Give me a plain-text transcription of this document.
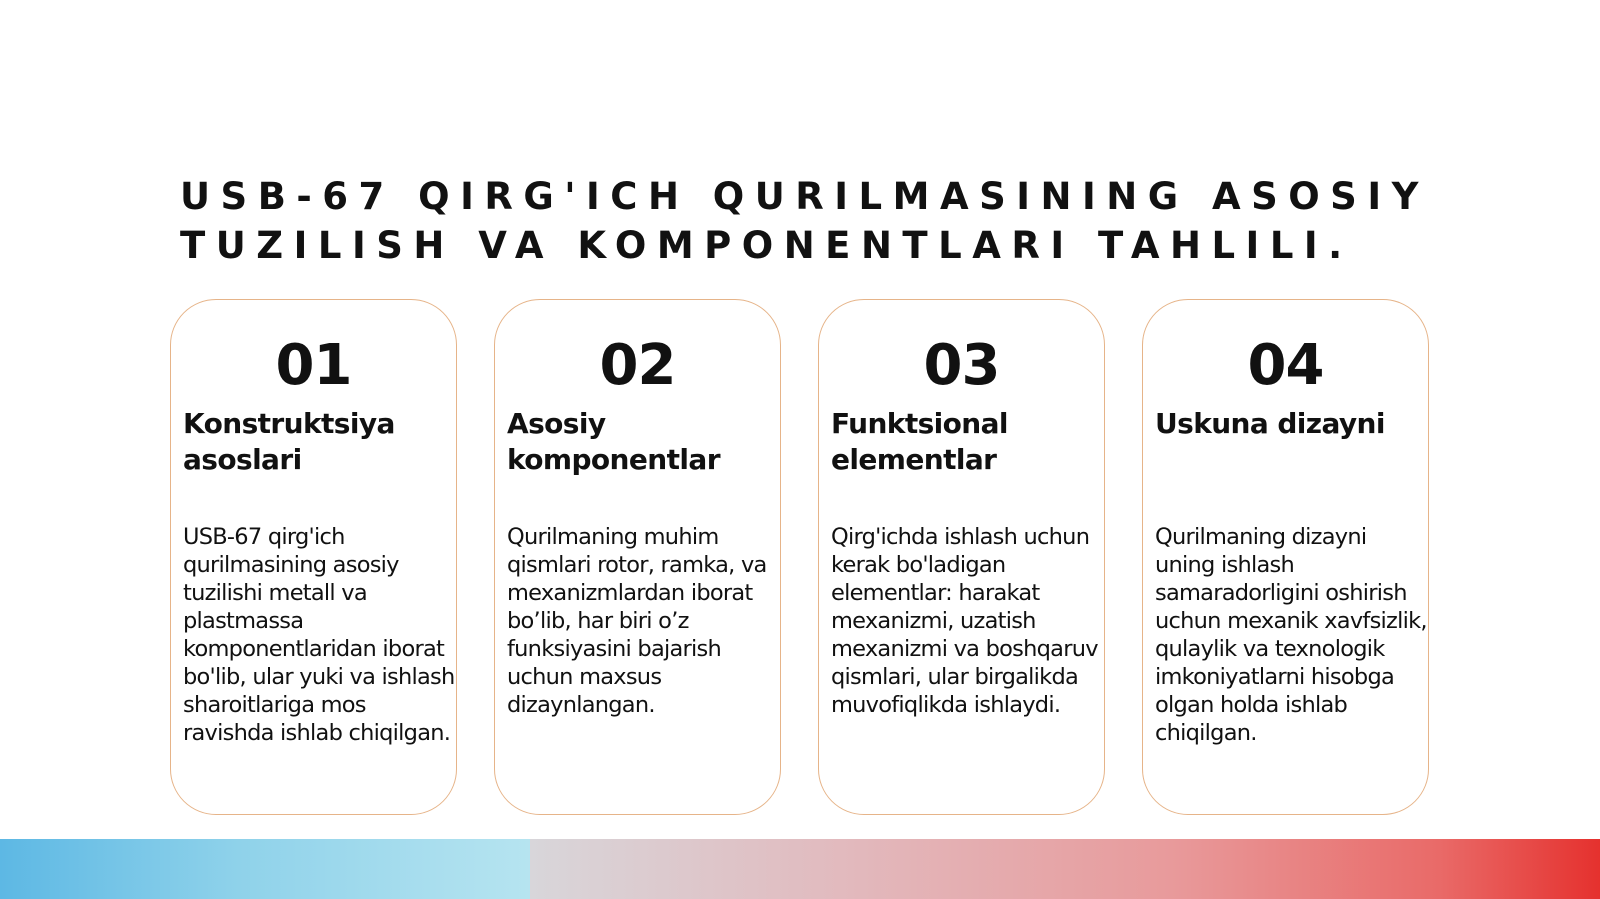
USB-67 QIRG'ICH QURILMASINING ASOSIY TUZILISH VA KOMPONENTLARI TAHLILI.
01
Konstruktsiya asoslari

USB-67 qirg'ich qurilmasining asosiy tuzilishi metall va plastmassa komponentlaridan iborat bo'lib, ular yuki va ishlash sharoitlariga mos ravishda ishlab chiqilgan.

02
Asosiy komponentlar

Qurilmaning muhim qismlari rotor, ramka, va mexanizmlardan iborat bo’lib, har biri o’z funksiyasini bajarish uchun maxsus dizaynlangan.

03
Funktsional elementlar

Qirg'ichda ishlash uchun kerak bo'ladigan elementlar: harakat mexanizmi, uzatish mexanizmi va boshqaruv qismlari, ular birgalikda muvofiqlikda ishlaydi.

04
Uskuna dizayni

Qurilmaning dizayni uning ishlash samaradorligini oshirish uchun mexanik xavfsizlik, qulaylik va texnologik imkoniyatlarni hisobga olgan holda ishlab chiqilgan.
